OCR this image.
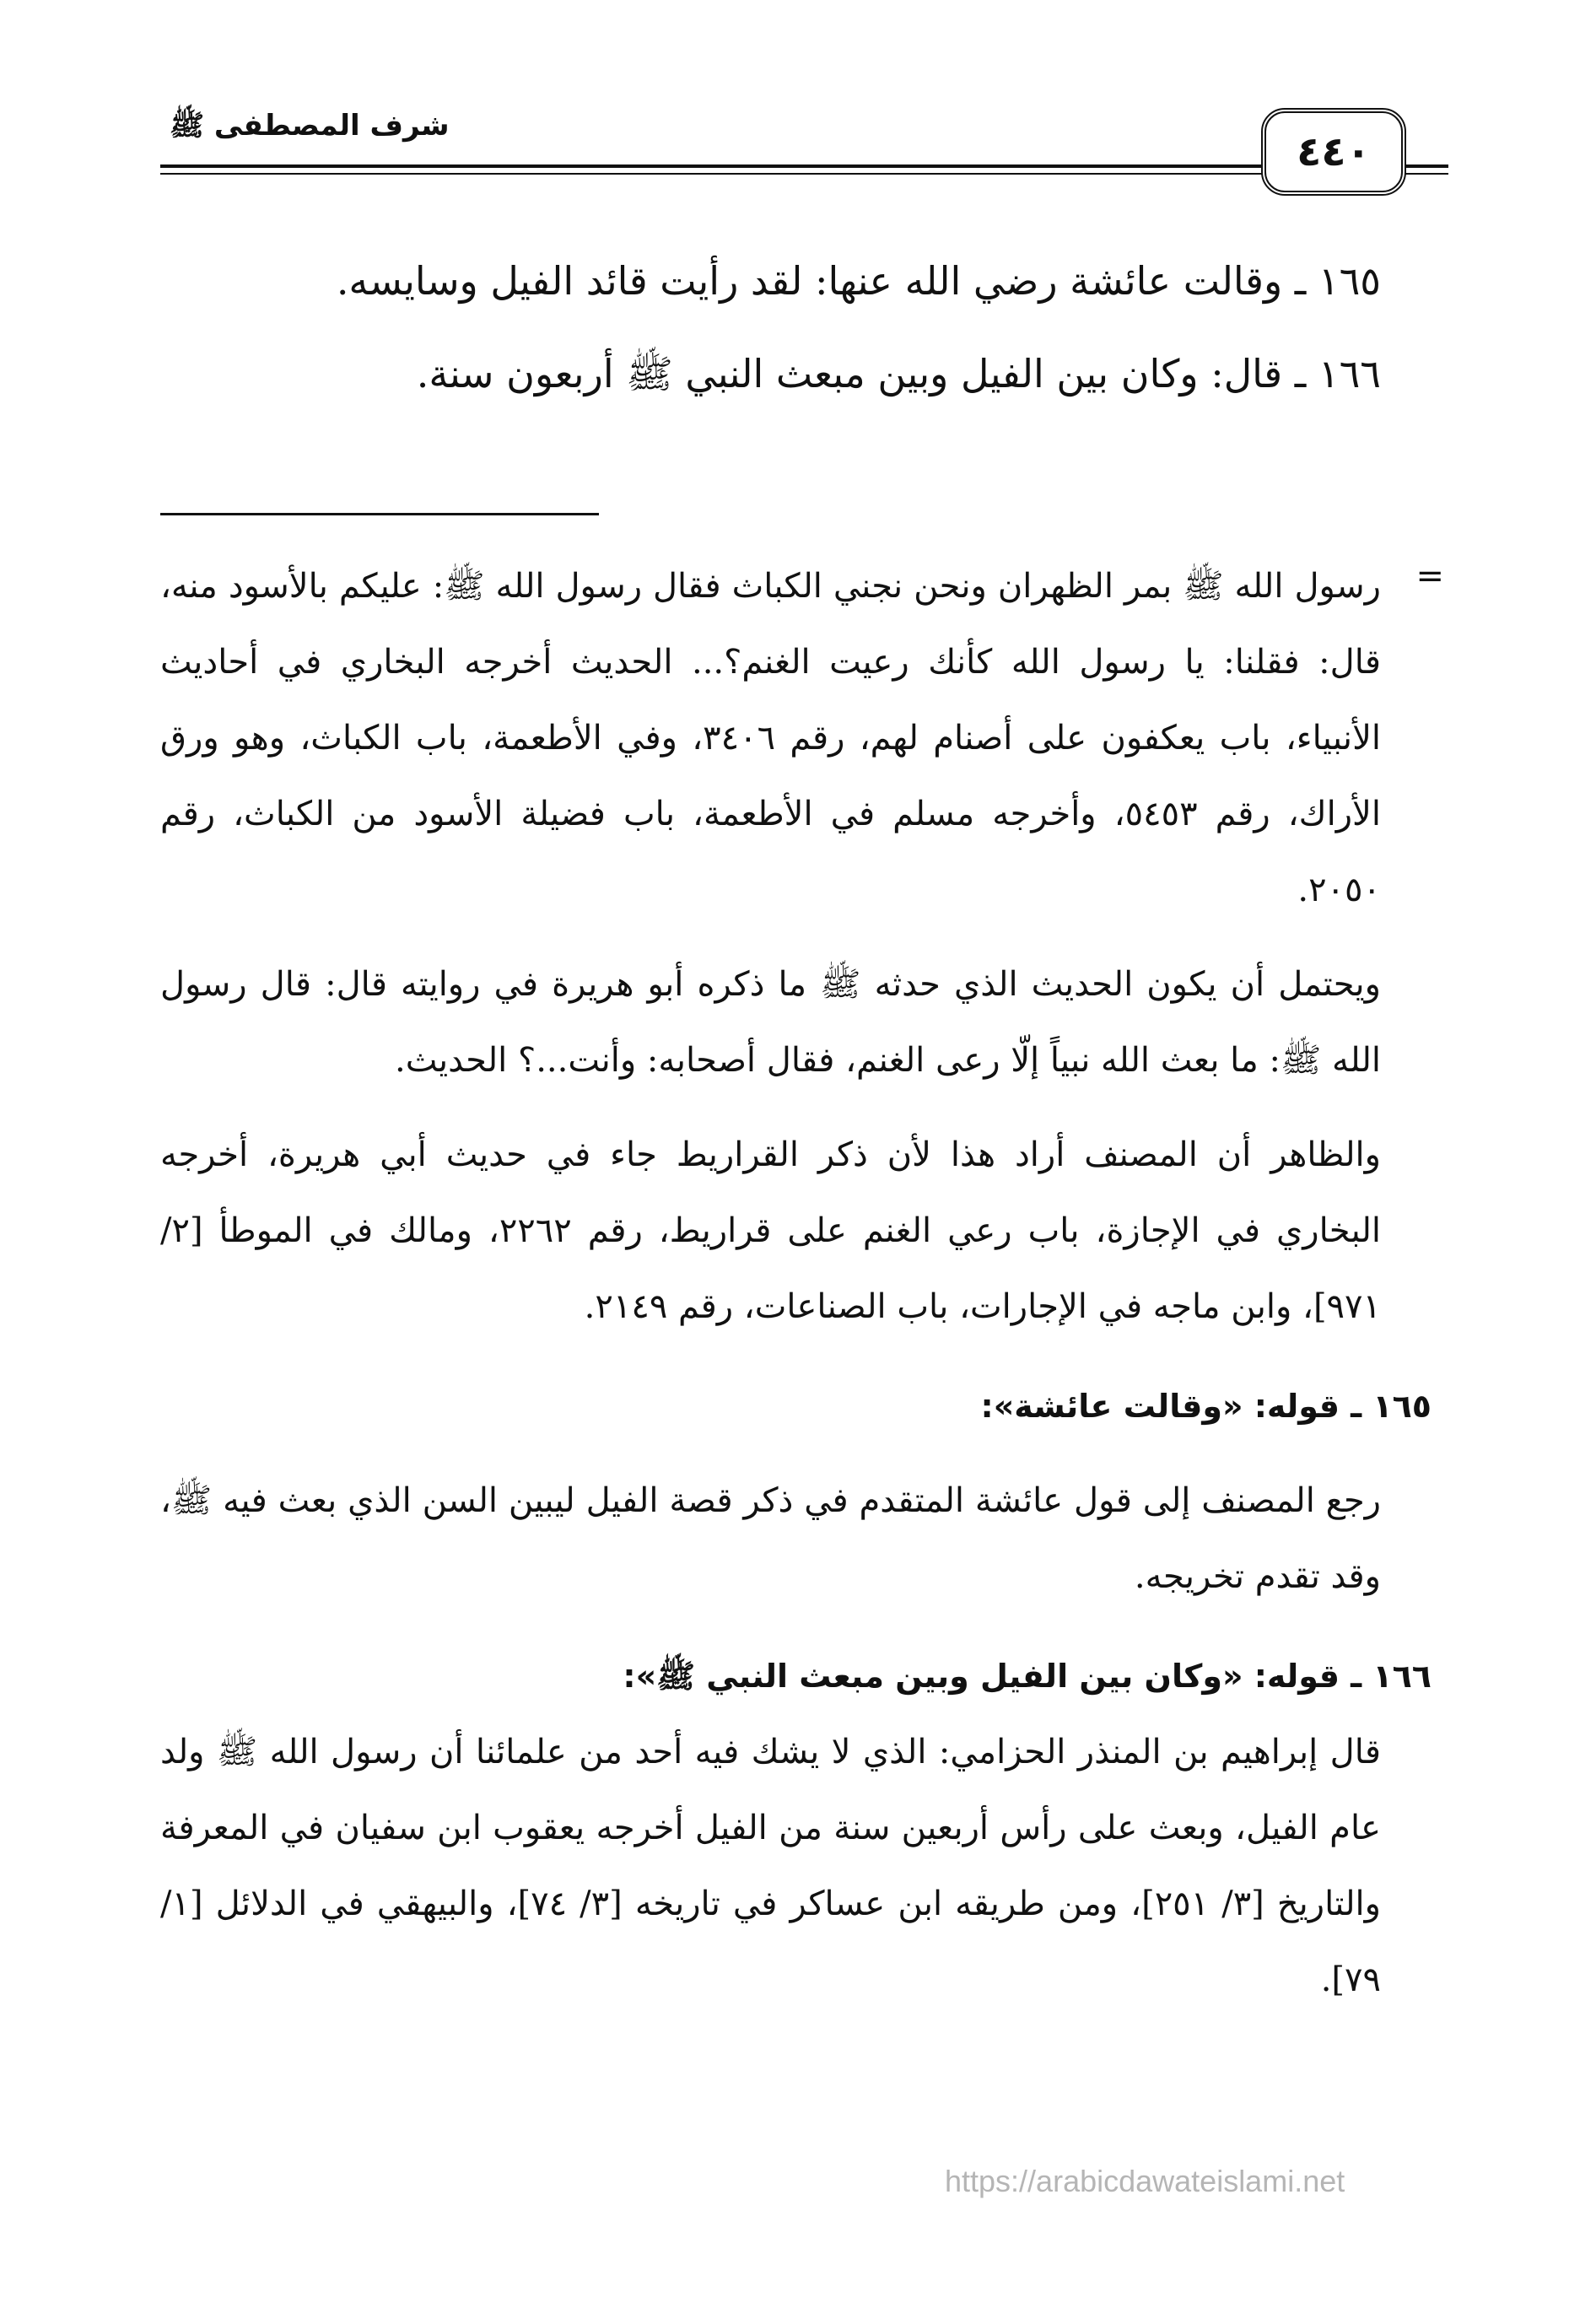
شرف المصطفى ﷺ
٤٤٠

١٦٥ ـ وقالت عائشة رضي الله عنها: لقد رأيت قائد الفيل وسايسه.

١٦٦ ـ قال: وكان بين الفيل وبين مبعث النبي ﷺ أربعون سنة.

=

رسول الله ﷺ بمر الظهران ونحن نجني الكباث فقال رسول الله ﷺ: عليكم بالأسود منه، قال: فقلنا: يا رسول الله كأنك رعيت الغنم؟... الحديث أخرجه البخاري في أحاديث الأنبياء، باب يعكفون على أصنام لهم، رقم ٣٤٠٦، وفي الأطعمة، باب الكباث، وهو ورق الأراك، رقم ٥٤٥٣، وأخرجه مسلم في الأطعمة، باب فضيلة الأسود من الكباث، رقم ٢٠٥٠.

ويحتمل أن يكون الحديث الذي حدثه ﷺ ما ذكره أبو هريرة في روايته قال: قال رسول الله ﷺ: ما بعث الله نبياً إلّا رعى الغنم، فقال أصحابه: وأنت...؟ الحديث.

والظاهر أن المصنف أراد هذا لأن ذكر القراريط جاء في حديث أبي هريرة، أخرجه البخاري في الإجازة، باب رعي الغنم على قراريط، رقم ٢٢٦٢، ومالك في الموطأ [٢/ ٩٧١]، وابن ماجه في الإجارات، باب الصناعات، رقم ٢١٤٩.

١٦٥ ـ قوله: «وقالت عائشة»:

رجع المصنف إلى قول عائشة المتقدم في ذكر قصة الفيل ليبين السن الذي بعث فيه ﷺ، وقد تقدم تخريجه.

١٦٦ ـ قوله: «وكان بين الفيل وبين مبعث النبي ﷺ»:

قال إبراهيم بن المنذر الحزامي: الذي لا يشك فيه أحد من علمائنا أن رسول الله ﷺ ولد عام الفيل، وبعث على رأس أربعين سنة من الفيل أخرجه يعقوب ابن سفيان في المعرفة والتاريخ [٣/ ٢٥١]، ومن طريقه ابن عساكر في تاريخه [٣/ ٧٤]، والبيهقي في الدلائل [١/ ٧٩].

https://arabicdawateislami.net
